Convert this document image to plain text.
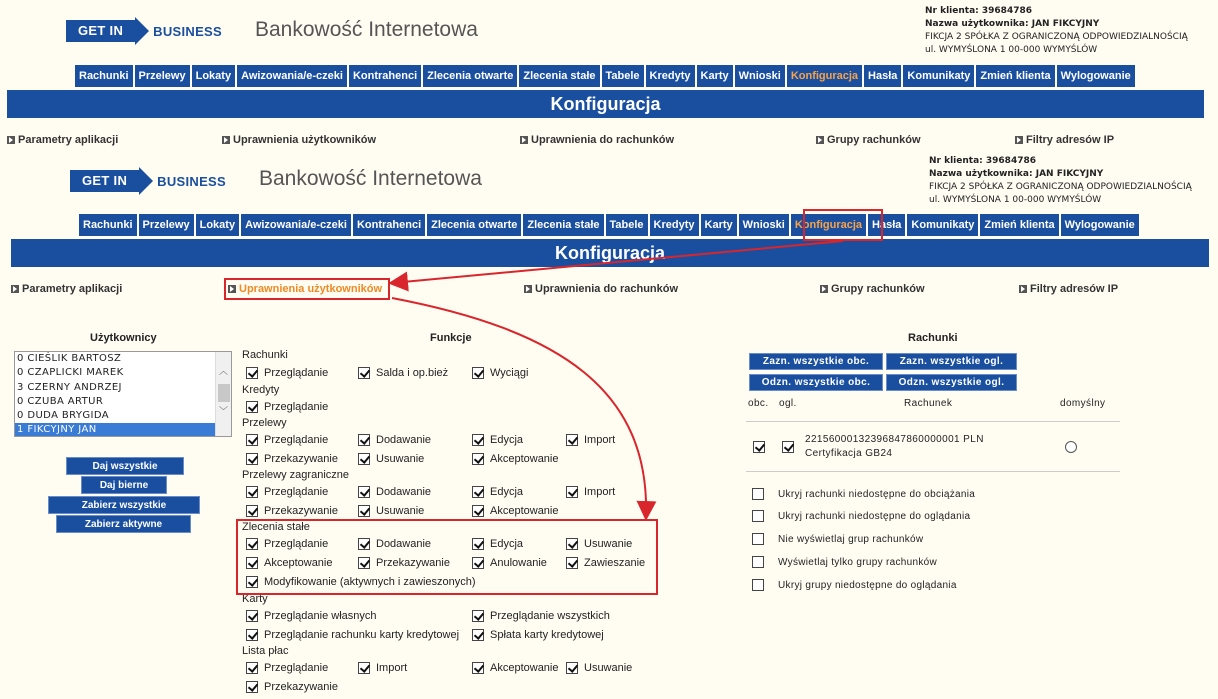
GET IN	BUSINESS Bankowość Internetowa
Nr klienta: 39684786
Nazwa użytkownika: JAN FIKCYJNY
FIKCJA 2 SPÓŁKA Z OGRANICZONĄ ODPOWIEDZIALNOŚCIĄ
ul. WYMYŚLONA 1 00-000 WYMYŚLÓW
Rachunki Przelewy Lokaty Awizowania/e-czeki Kontrahenci Zlecenia otwarte Zlecenia stałe Tabele Kredyty Karty Wnioski Konfiguracja Hasła Komunikaty Zmień klienta Wylogowanie
Konfiguracja
Parametry aplikacji	Uprawnienia użytkowników	Uprawnienia do rachunków	Grupy rachunków	Filtry adresów IP
GET IN	BUSINESS Bankowość Internetowa
Nr klienta: 39684786
Nazwa użytkownika: JAN FIKCYJNY
FIKCJA 2 SPÓŁKA Z OGRANICZONĄ ODPOWIEDZIALNOŚCIĄ
ul. WYMYŚLONA 1 00-000 WYMYŚLÓW
Rachunki Przelewy Lokaty Awizowania/e-czeki Kontrahenci Zlecenia otwarte Zlecenia stałe Tabele Kredyty Karty Wnioski Konfiguracja Hasła Komunikaty Zmień klienta Wylogowanie
Konfiguracja
Parametry aplikacji	Uprawnienia użytkowników	Uprawnienia do rachunków	Grupy rachunków	Filtry adresów IP
Użytkownicy
0 CIEŚLIK BARTOSZ
0 CZAPLICKI MAREK
3 CZERNY ANDRZEJ
0 CZUBA ARTUR
0 DUDA BRYGIDA
1 FIKCYJNY JAN
︿
﹀
Daj wszystkie
Daj bierne
Zabierz wszystkie
Zabierz aktywne
Funkcje
Rachunki
Przeglądanie	Salda i op.bież	Wyciągi
Kredyty
Przeglądanie
Przelewy
Przeglądanie	Dodawanie	Edycja	Import
Przekazywanie	Usuwanie	Akceptowanie
Przelewy zagraniczne
Przeglądanie	Dodawanie	Edycja	Import
Przekazywanie	Usuwanie	Akceptowanie
Zlecenia stałe
Przeglądanie	Dodawanie	Edycja	Usuwanie
Akceptowanie	Przekazywanie	Anulowanie	Zawieszanie
Modyfikowanie (aktywnych i zawieszonych)
Karty
Przeglądanie własnych	Przeglądanie wszystkich
Przeglądanie rachunku karty kredytowej	Spłata karty kredytowej
Lista płac
Przeglądanie	Import	Akceptowanie Usuwanie
Przekazywanie
Rachunki
Zazn. wszystkie obc.	Zazn. wszystkie ogl.
Odzn. wszystkie obc.	Odzn. wszystkie ogl.
obc. ogl.	Rachunek	domyślny
22156000132396847860000001 PLN
Certyfikacja GB24
Ukryj rachunki niedostępne do obciążania
Ukryj rachunki niedostępne do oglądania
Nie wyświetlaj grup rachunków
Wyświetlaj tylko grupy rachunków
Ukryj grupy niedostępne do oglądania
